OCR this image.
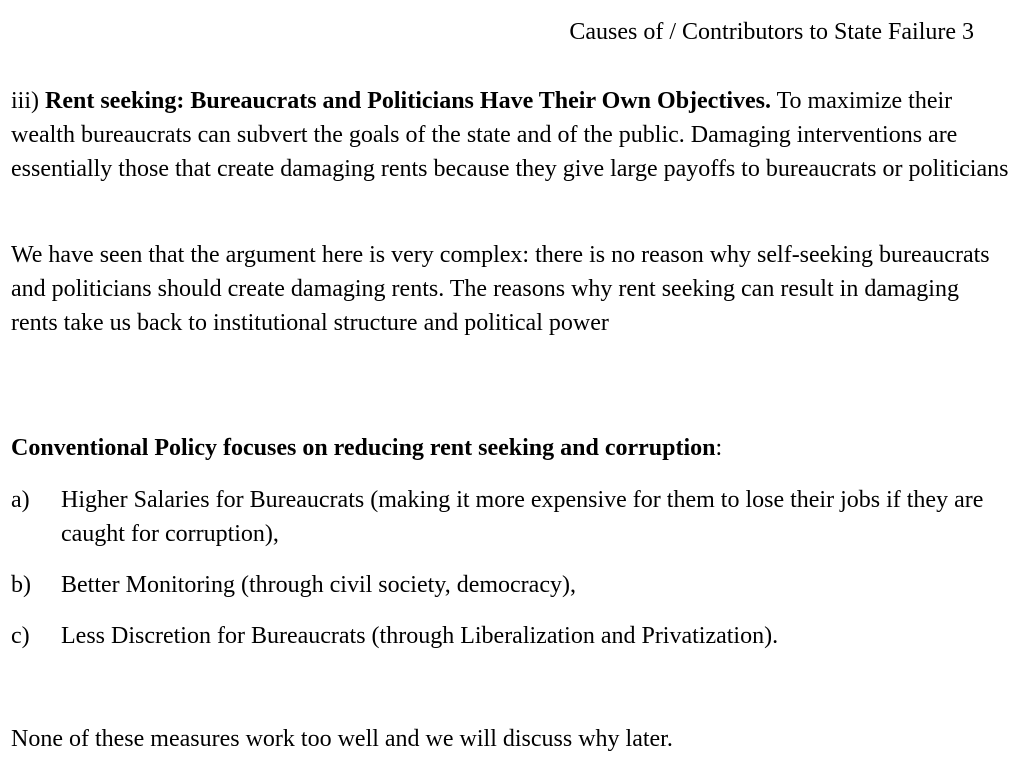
Causes of / Contributors to State Failure 3

iii) Rent seeking: Bureaucrats and Politicians Have Their Own Objectives. To maximize their wealth bureaucrats can subvert the goals of the state and of the public. Damaging interventions are essentially those that create damaging rents because they give large payoffs to bureaucrats or politicians

We have seen that the argument here is very complex: there is no reason why self-seeking bureaucrats and politicians should create damaging rents. The reasons why rent seeking can result in damaging rents take us back to institutional structure and political power

Conventional Policy focuses on reducing rent seeking and corruption:

a) Higher Salaries for Bureaucrats (making it more expensive for them to lose their jobs if they are caught for corruption),
b) Better Monitoring (through civil society, democracy),
c) Less Discretion for Bureaucrats (through Liberalization and Privatization).

None of these measures work too well and we will discuss why later.
